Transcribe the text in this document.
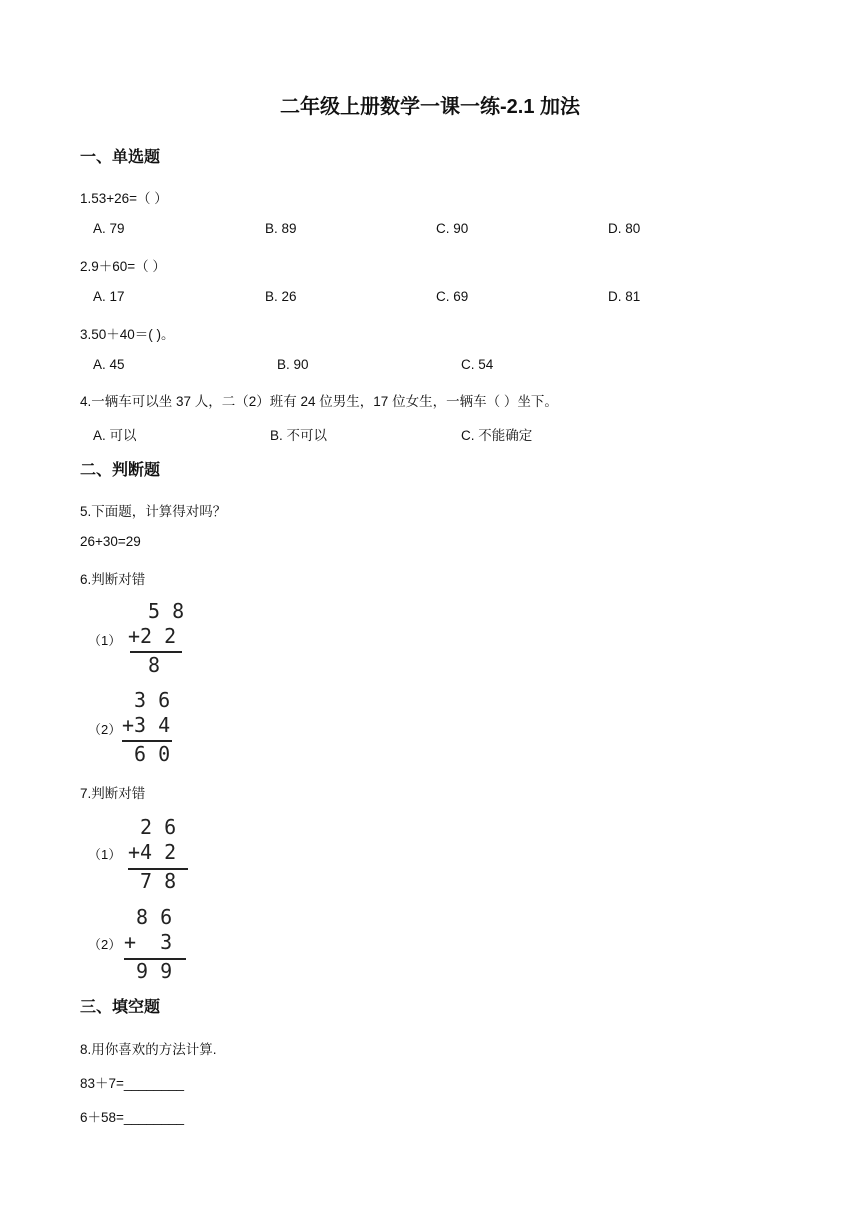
二年级上册数学一课一练-2.1 加法
一、单选题
1.53+26=（ ）
A. 79	B. 89	C. 90	D. 80
2.9＋60=（ ）
A. 17	B. 26	C. 69	D. 81
3.50＋40＝( )。
A. 45	B. 90	C. 54
4.一辆车可以坐 37 人，二（2）班有 24 位男生，17 位女生，一辆车（ ）坐下。
A. 可以	B. 不可以	C. 不能确定
二、判断题
5.下面题，计算得对吗？
26+30=29
6.判断对错
（1）
5 8
+2 2
8
（2）
3 6
+3 4
6 0
7.判断对错
（1）
2 6
+4 2
7 8
（2）
8 6
+  3
9 9
三、填空题
8.用你喜欢的方法计算.
83＋7=________
6＋58=________
